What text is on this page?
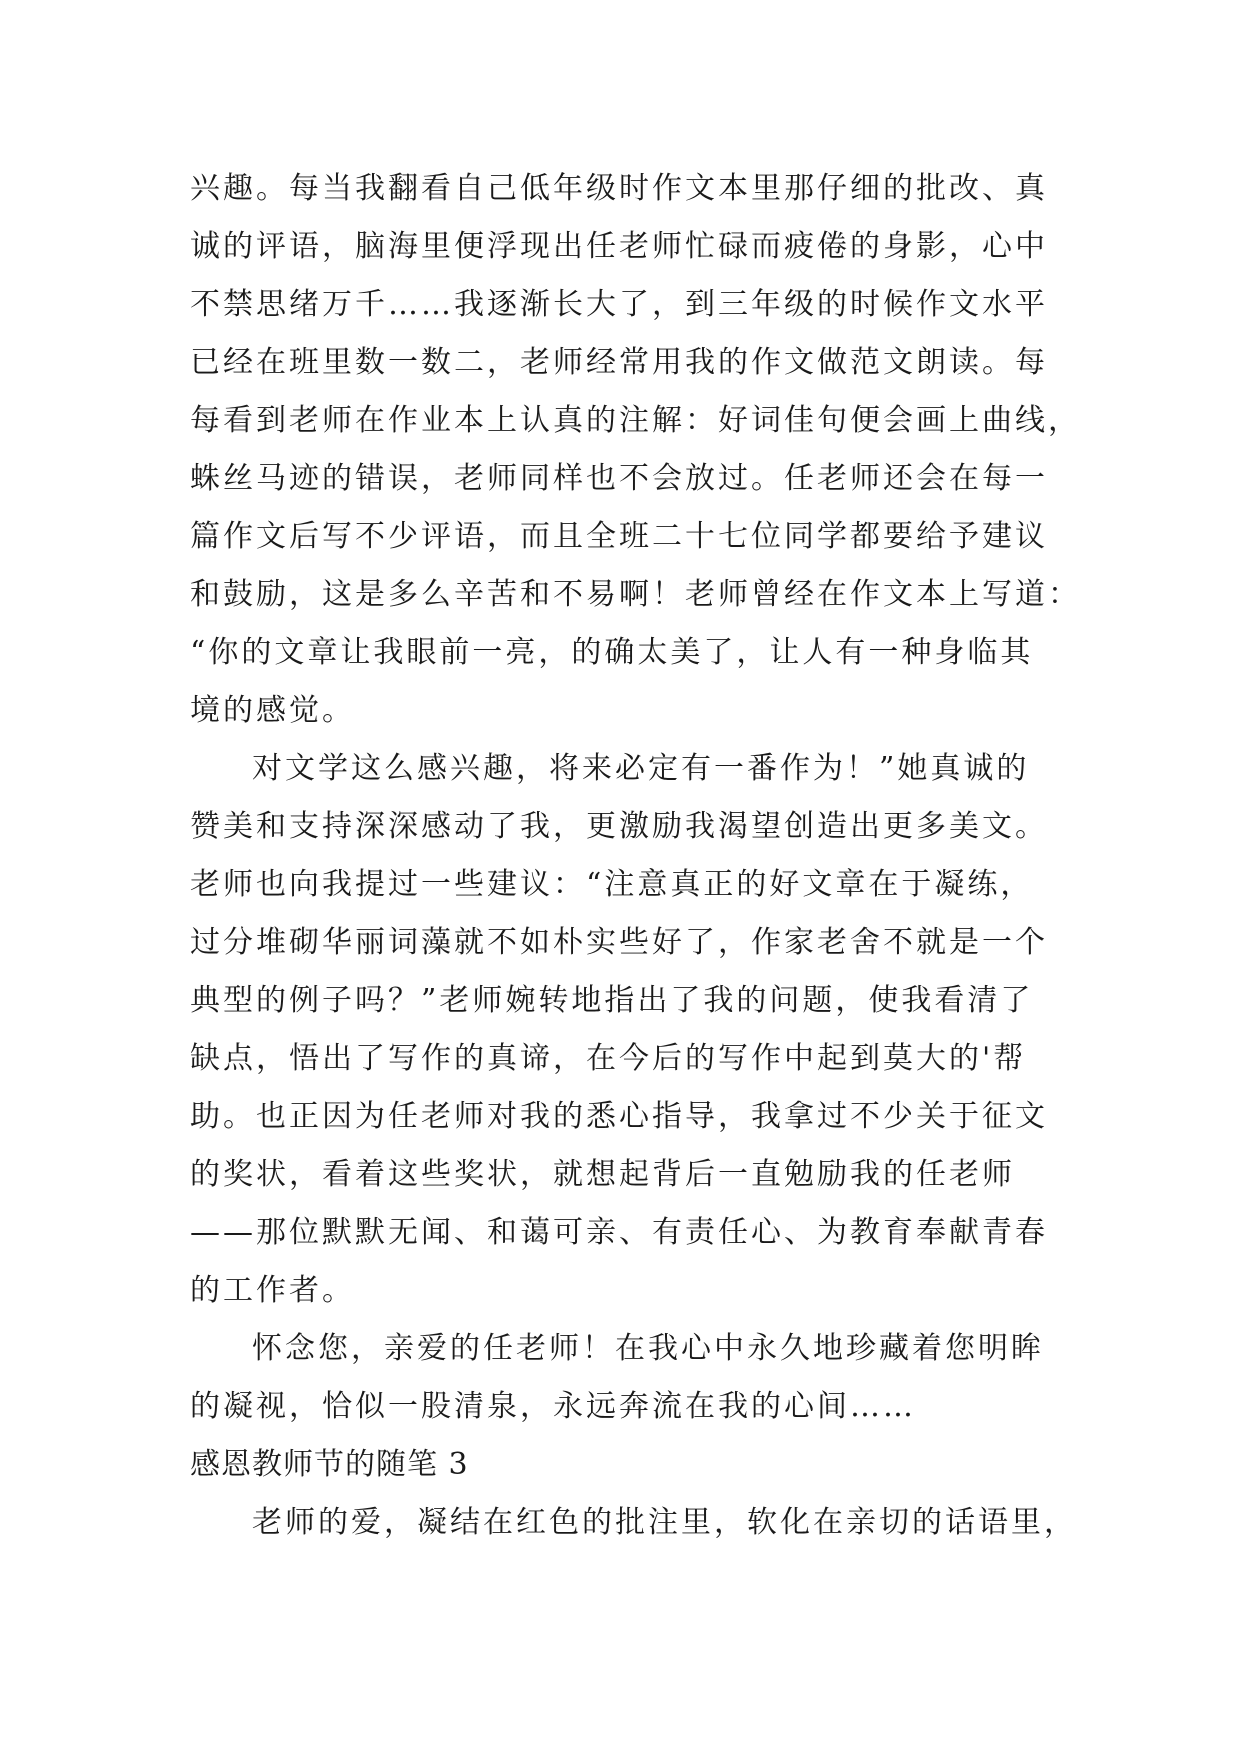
兴趣。每当我翻看自己低年级时作文本里那仔细的批改、真
诚的评语，脑海里便浮现出任老师忙碌而疲倦的身影，心中
不禁思绪万千……我逐渐长大了，到三年级的时候作文水平
已经在班里数一数二，老师经常用我的作文做范文朗读。每
每看到老师在作业本上认真的注解：好词佳句便会画上曲线，
蛛丝马迹的错误，老师同样也不会放过。任老师还会在每一
篇作文后写不少评语，而且全班二十七位同学都要给予建议
和鼓励，这是多么辛苦和不易啊！老师曾经在作文本上写道：
“你的文章让我眼前一亮，的确太美了，让人有一种身临其
境的感觉。
对文学这么感兴趣，将来必定有一番作为！”她真诚的
赞美和支持深深感动了我，更激励我渴望创造出更多美文。
老师也向我提过一些建议：“注意真正的好文章在于凝练，
过分堆砌华丽词藻就不如朴实些好了，作家老舍不就是一个
典型的例子吗？”老师婉转地指出了我的问题，使我看清了
缺点，悟出了写作的真谛，在今后的写作中起到莫大的'帮
助。也正因为任老师对我的悉心指导，我拿过不少关于征文
的奖状，看着这些奖状，就想起背后一直勉励我的任老师
——那位默默无闻、和蔼可亲、有责任心、为教育奉献青春
的工作者。
怀念您，亲爱的任老师！在我心中永久地珍藏着您明眸
的凝视，恰似一股清泉，永远奔流在我的心间……
感恩教师节的随笔 3
老师的爱，凝结在红色的批注里，软化在亲切的话语里，
